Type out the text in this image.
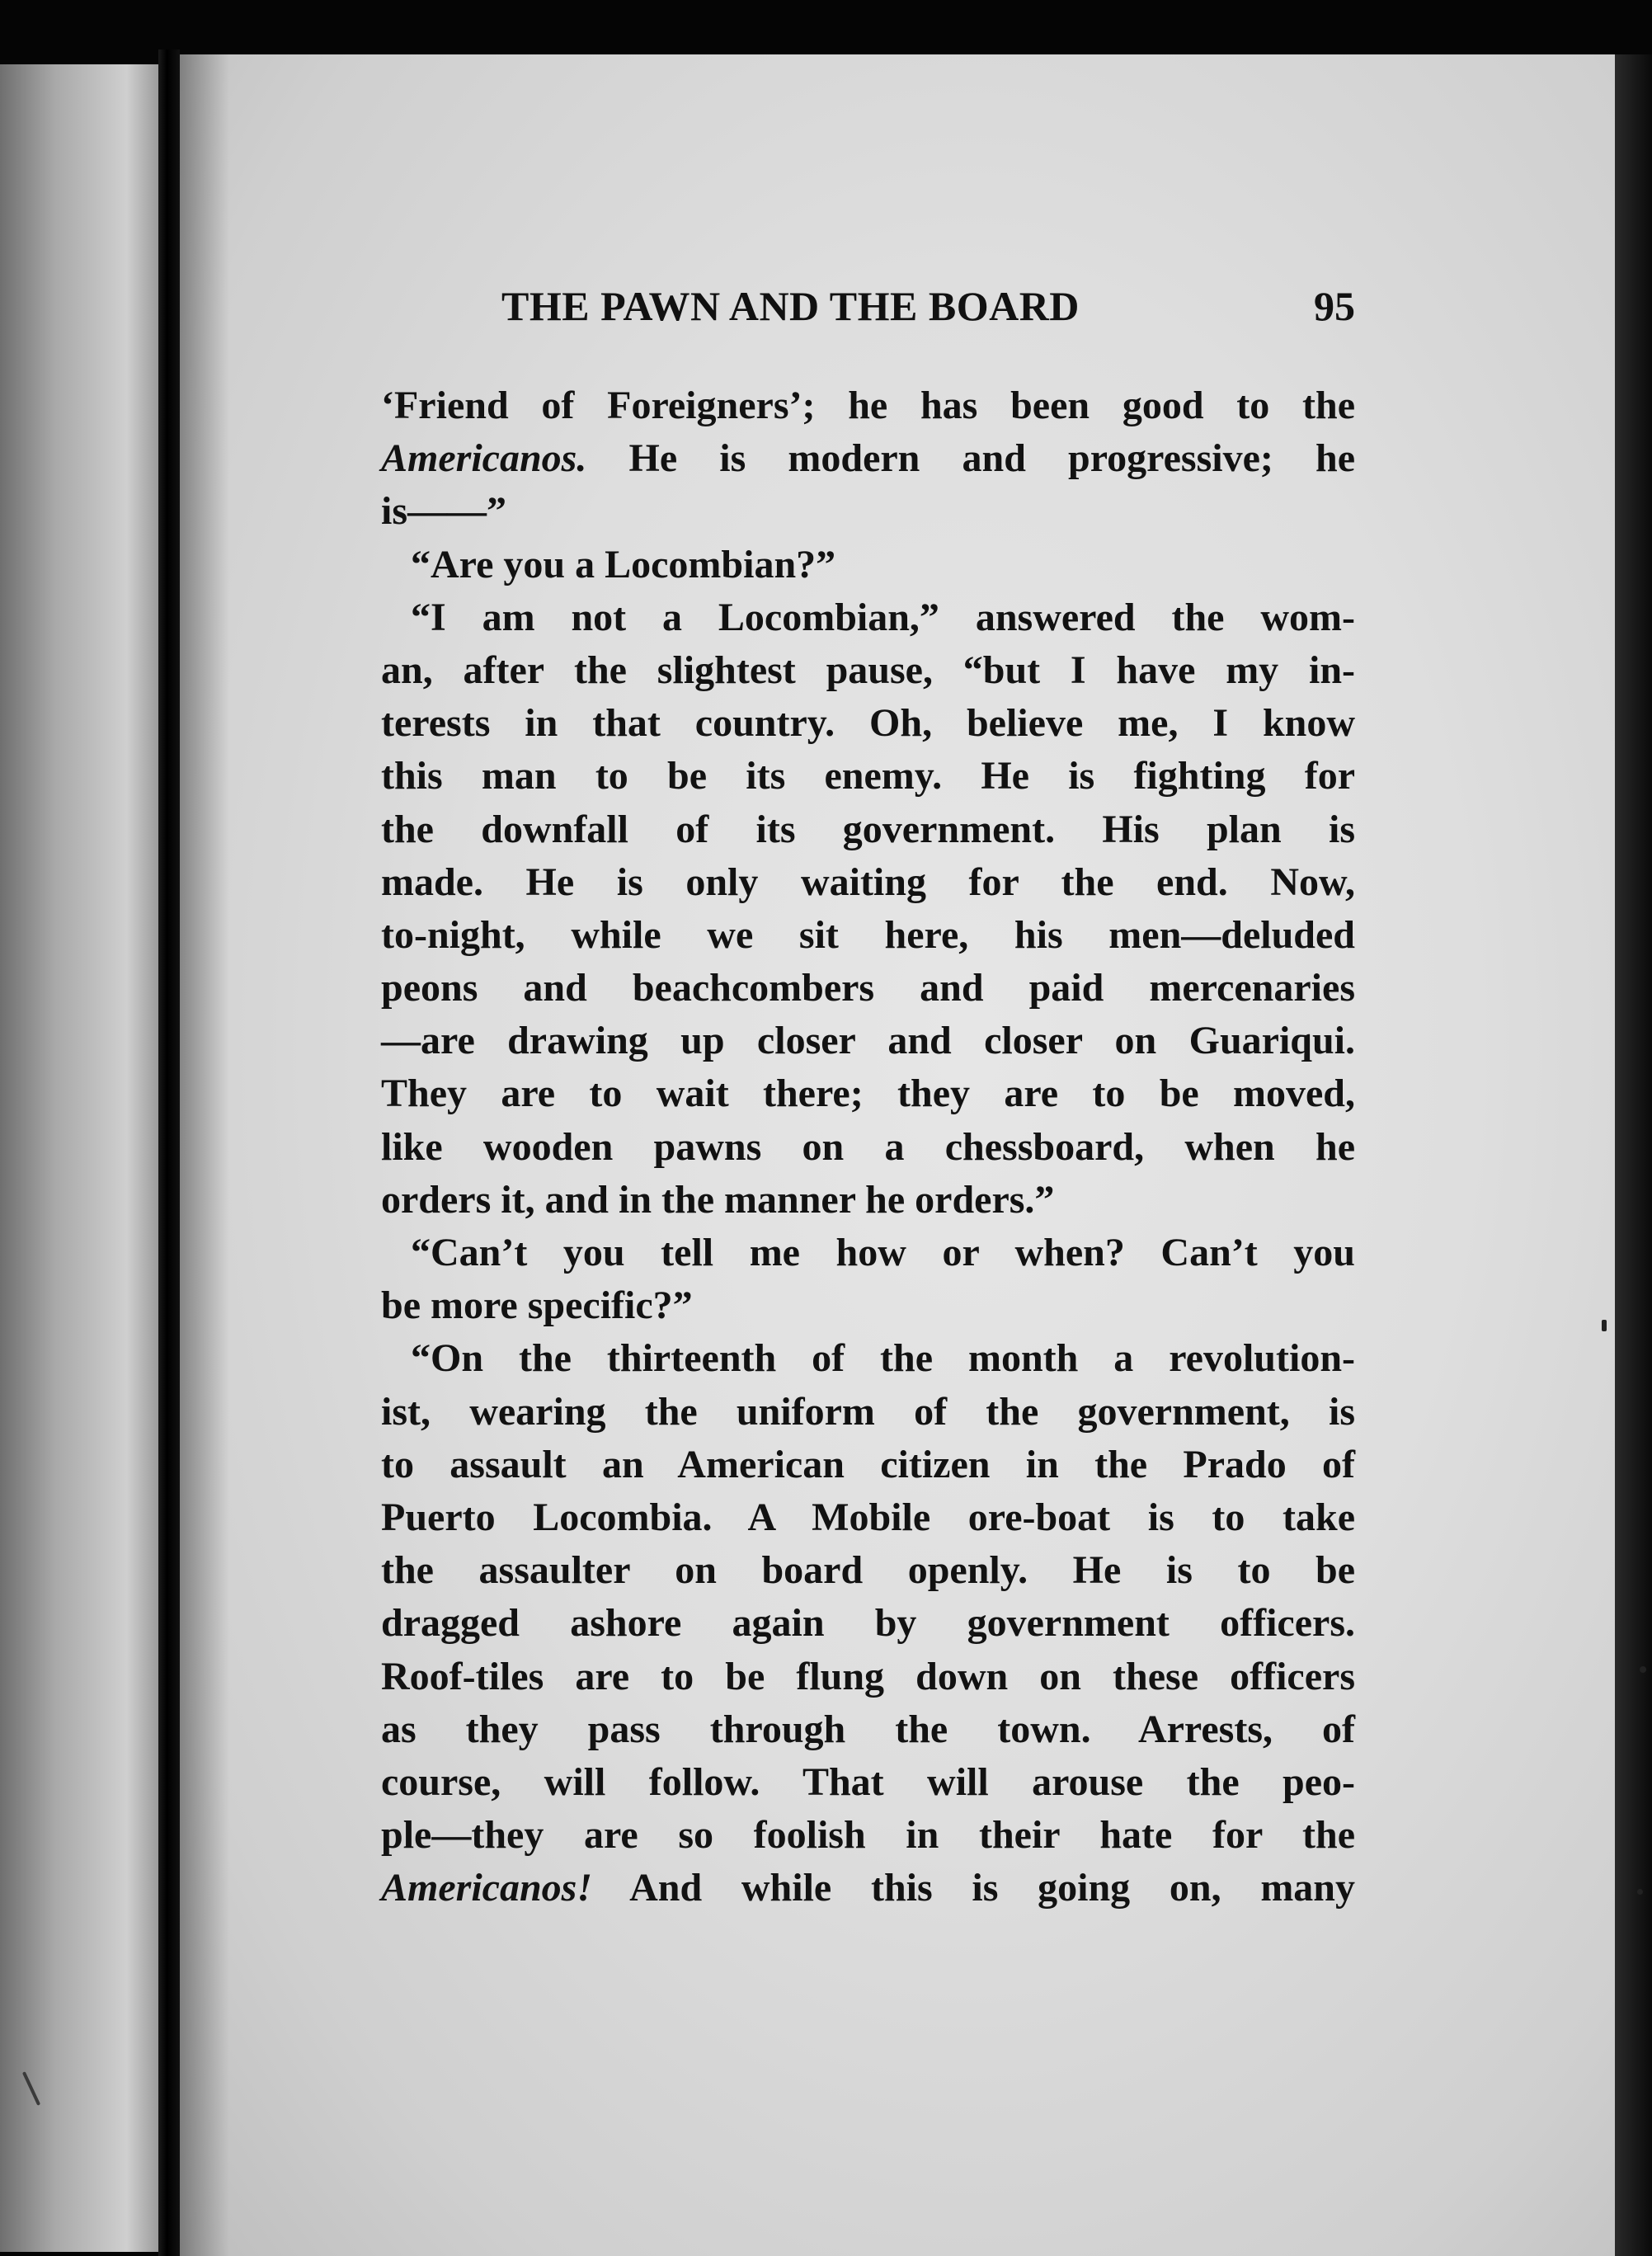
THE PAWN AND THE BOARD	95
‘Friend of Foreigners’; he has been good to the
Americanos. He is modern and progressive; he
is——”
“Are you a Locombian?”
“I am not a Locombian,” answered the wom-
an, after the slightest pause, “but I have my in-
terests in that country. Oh, believe me, I know
this man to be its enemy. He is fighting for
the downfall of its government. His plan is
made. He is only waiting for the end. Now,
to-night, while we sit here, his men—deluded
peons and beachcombers and paid mercenaries
—are drawing up closer and closer on Guariqui.
They are to wait there; they are to be moved,
like wooden pawns on a chessboard, when he
orders it, and in the manner he orders.”
“Can’t you tell me how or when? Can’t you
be more specific?”
“On the thirteenth of the month a revolution-
ist, wearing the uniform of the government, is
to assault an American citizen in the Prado of
Puerto Locombia. A Mobile ore-boat is to take
the assaulter on board openly. He is to be
dragged ashore again by government officers.
Roof-tiles are to be flung down on these officers
as they pass through the town. Arrests, of
course, will follow. That will arouse the peo-
ple—they are so foolish in their hate for the
Americanos! And while this is going on, many
